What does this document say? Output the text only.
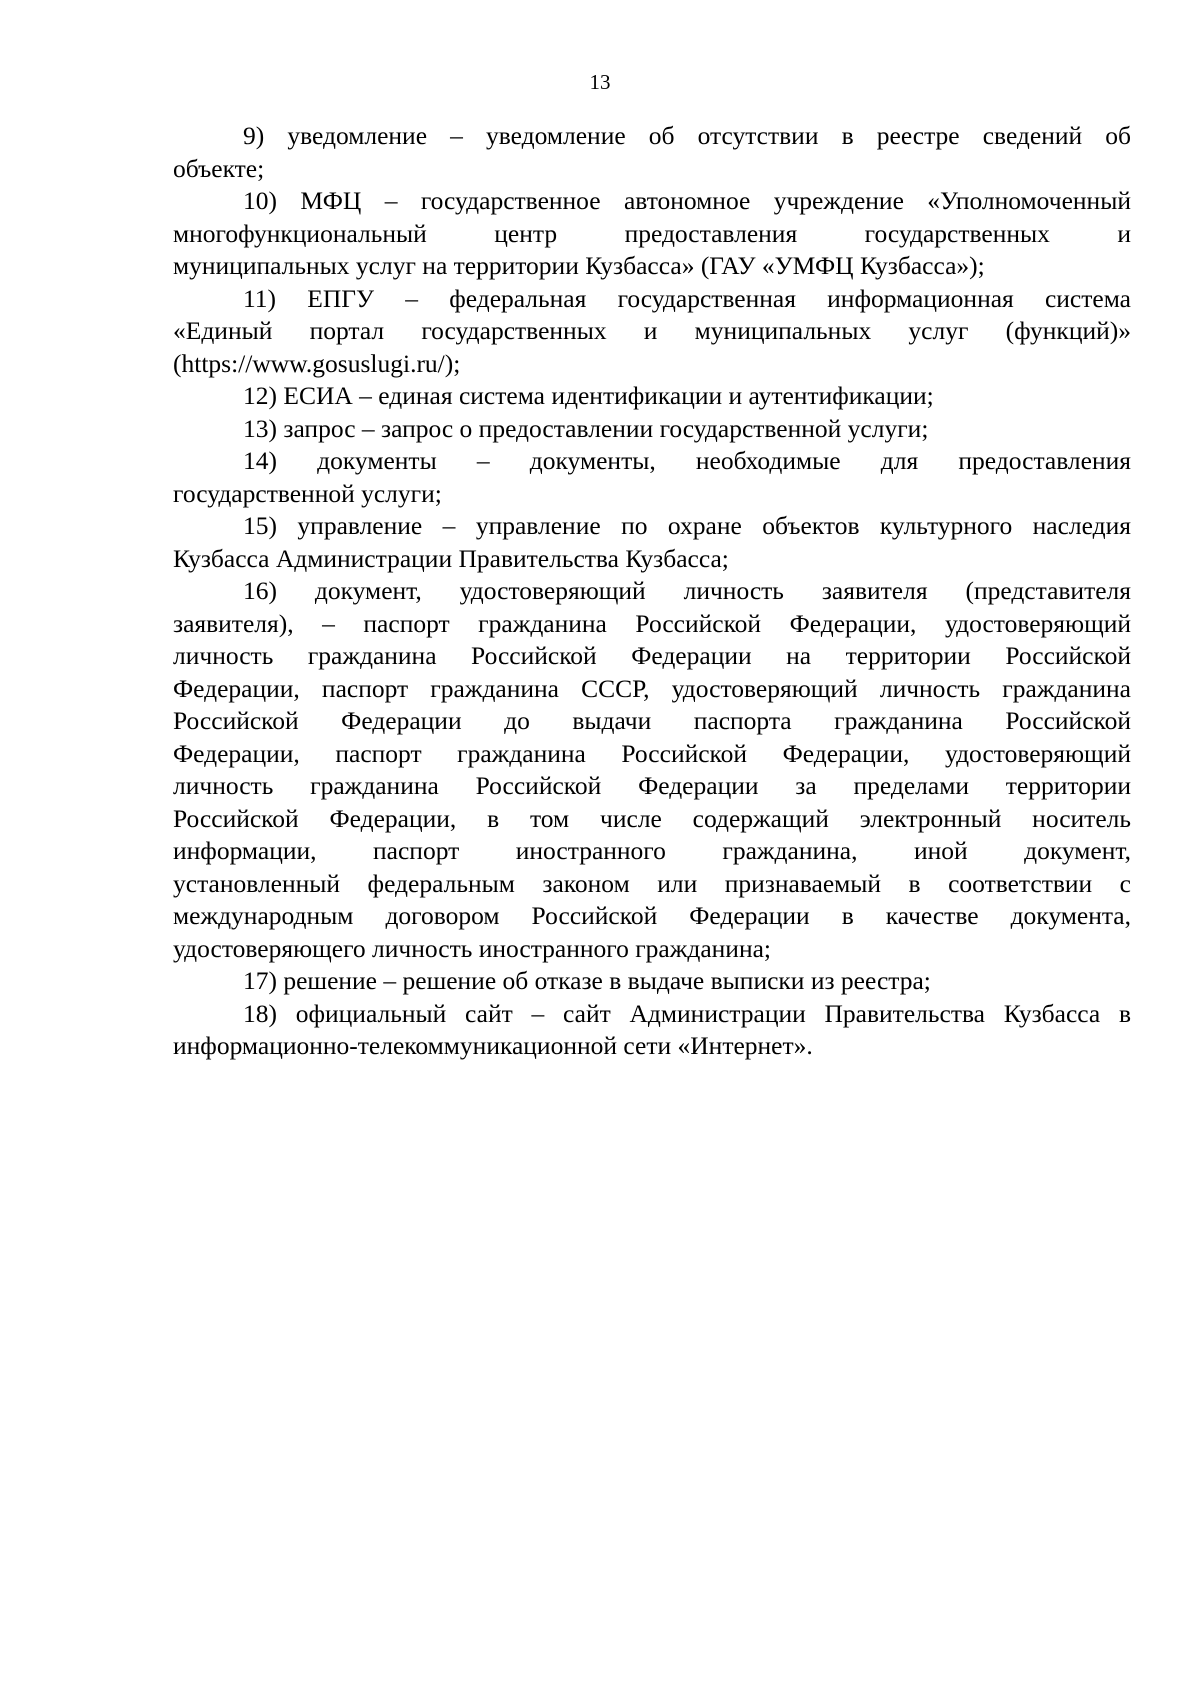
13
9) уведомление – уведомление об отсутствии в реестре сведений об
объекте;
10) МФЦ – государственное автономное учреждение «Уполномоченный
многофункциональный центр предоставления государственных и
муниципальных услуг на территории Кузбасса» (ГАУ «УМФЦ Кузбасса»);
11) ЕПГУ – федеральная государственная информационная система
«Единый портал государственных и муниципальных услуг (функций)»
(https://www.gosuslugi.ru/);
12) ЕСИА – единая система идентификации и аутентификации;
13) запрос – запрос о предоставлении государственной услуги;
14) документы – документы, необходимые для предоставления
государственной услуги;
15) управление – управление по охране объектов культурного наследия
Кузбасса Администрации Правительства Кузбасса;
16) документ, удостоверяющий личность заявителя (представителя
заявителя), – паспорт гражданина Российской Федерации, удостоверяющий
личность гражданина Российской Федерации на территории Российской
Федерации, паспорт гражданина СССР, удостоверяющий личность гражданина
Российской Федерации до выдачи паспорта гражданина Российской
Федерации, паспорт гражданина Российской Федерации, удостоверяющий
личность гражданина Российской Федерации за пределами территории
Российской Федерации, в том числе содержащий электронный носитель
информации, паспорт иностранного гражданина, иной документ,
установленный федеральным законом или признаваемый в соответствии с
международным договором Российской Федерации в качестве документа,
удостоверяющего личность иностранного гражданина;
17) решение – решение об отказе в выдаче выписки из реестра;
18) официальный сайт – сайт Администрации Правительства Кузбасса в
информационно-телекоммуникационной сети «Интернет».
